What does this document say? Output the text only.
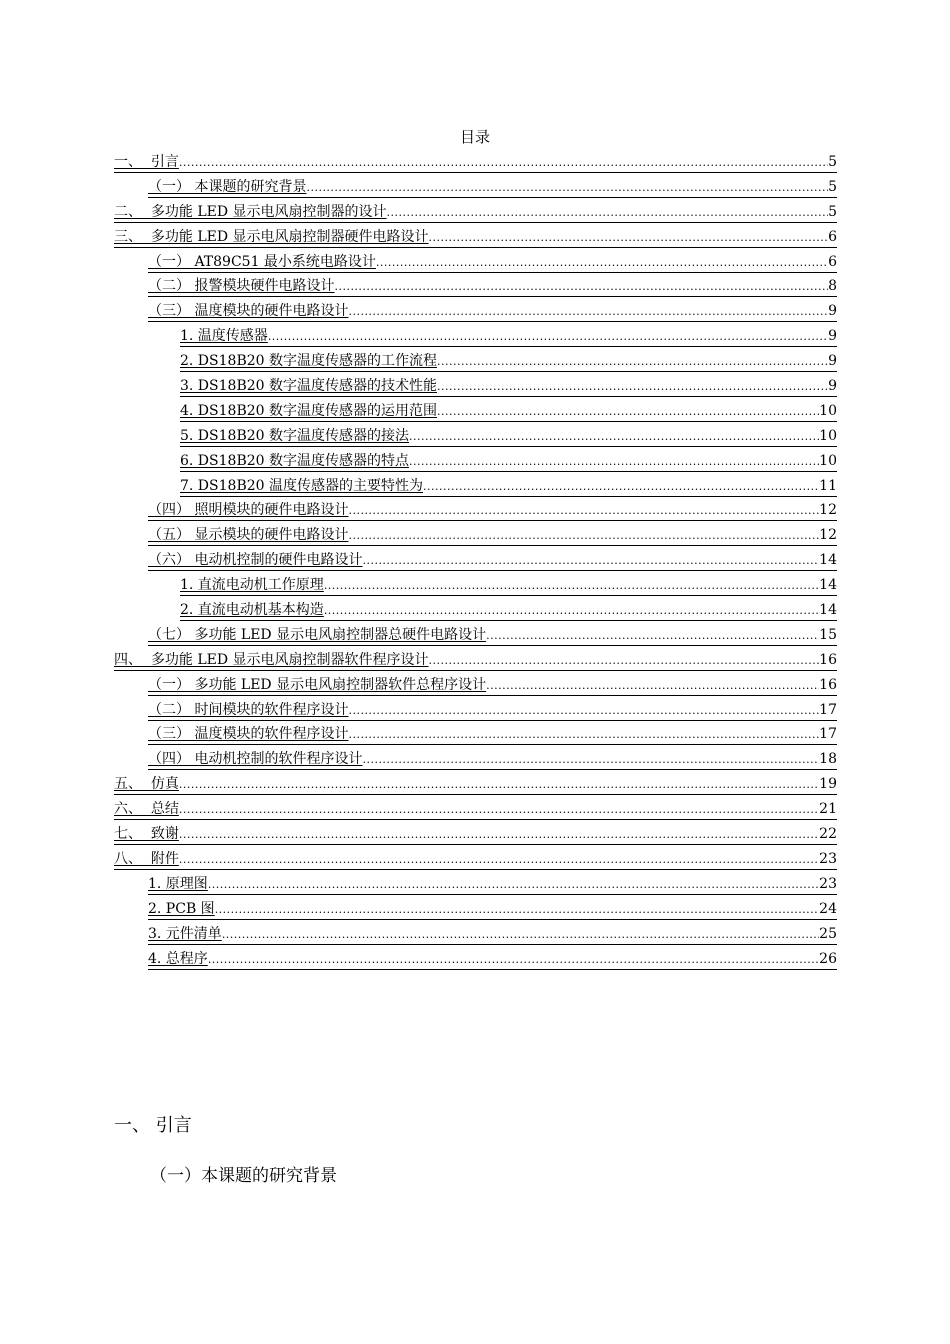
目录
一、  引言 .....	5
（一） 本课题的研究背景 .....	5
二、  多功能 LED 显示电风扇控制器的设计 .....	5
三、  多功能 LED 显示电风扇控制器硬件电路设计 .....	6
（一） AT89C51 最小系统电路设计 .....	6
（二） 报警模块硬件电路设计 .....	8
（三） 温度模块的硬件电路设计 .....	9
1. 温度传感器 .....	9
2. DS18B20 数字温度传感器的工作流程 .....	9
3. DS18B20 数字温度传感器的技术性能 .....	9
4. DS18B20 数字温度传感器的运用范围 .....	10
5. DS18B20 数字温度传感器的接法 .....	10
6. DS18B20 数字温度传感器的特点 .....	10
7. DS18B20 温度传感器的主要特性为 .....	11
（四） 照明模块的硬件电路设计 .....	12
（五） 显示模块的硬件电路设计 .....	12
（六） 电动机控制的硬件电路设计 .....	14
1. 直流电动机工作原理 .....	14
2. 直流电动机基本构造 .....	14
（七） 多功能 LED 显示电风扇控制器总硬件电路设计 .....	15
四、  多功能 LED 显示电风扇控制器软件程序设计 .....	16
（一） 多功能 LED 显示电风扇控制器软件总程序设计 .....	16
（二） 时间模块的软件程序设计 .....	17
（三） 温度模块的软件程序设计 .....	17
（四） 电动机控制的软件程序设计 .....	18
五、  仿真 .....	19
六、  总结 .....	21
七、  致谢 .....	22
八、  附件 .....	23
1. 原理图 .....	23
2. PCB 图 .....	24
3. 元件清单 .....	25
4. 总程序 .....	26
一、 引言
（一）本课题的研究背景
